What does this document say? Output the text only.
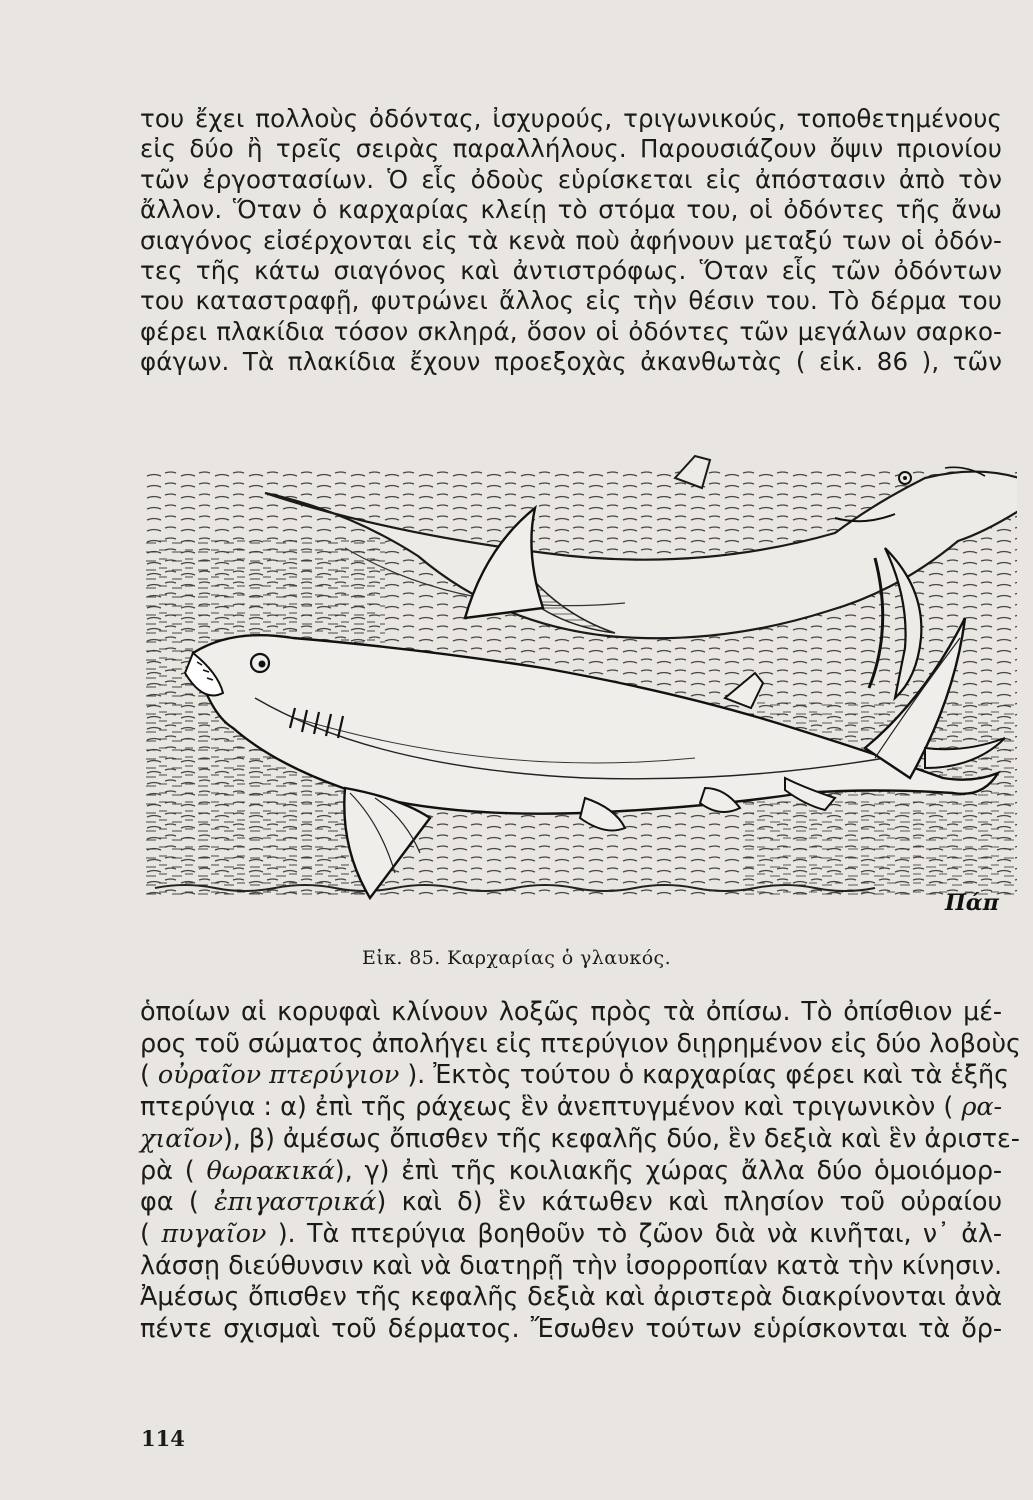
του ἔχει πολλοὺς ὀδόντας, ἰσχυρούς, τριγωνικούς, τοποθετημένους
εἰς δύο ἢ τρεῖς σειρὰς παραλλήλους. Παρουσιάζουν ὄψιν πριονίου
τῶν ἐργοστασίων. Ὁ εἷς ὀδοὺς εὑρίσκεται εἰς ἀπόστασιν ἀπὸ τὸν
ἄλλον. Ὅταν ὁ καρχαρίας κλείῃ τὸ στόμα του, οἱ ὀδόντες τῆς ἄνω
σιαγόνος εἰσέρχονται εἰς τὰ κενὰ ποὺ ἀφήνουν μεταξύ των οἱ ὀδόν-
τες τῆς κάτω σιαγόνος καὶ ἀντιστρόφως. Ὅταν εἷς τῶν ὀδόντων
του καταστραφῇ, φυτρώνει ἄλλος εἰς τὴν θέσιν του. Τὸ δέρμα του
φέρει πλακίδια τόσον σκληρά, ὅσον οἱ ὀδόντες τῶν μεγάλων σαρκο-
φάγων. Τὰ πλακίδια ἔχουν προεξοχὰς ἀκανθωτὰς ( εἰκ. 86 ), τῶν

Πάπ
Εἰκ. 85. Καρχαρίας ὁ γλαυκός.

ὁποίων αἱ κορυφαὶ κλίνουν λοξῶς πρὸς τὰ ὀπίσω. Τὸ ὀπίσθιον μέ-
ρος τοῦ σώματος ἀπολήγει εἰς πτερύγιον διῃρημένον εἰς δύο λοβοὺς
( οὐραῖον πτερύγιον ). Ἐκτὸς τούτου ὁ καρχαρίας φέρει καὶ τὰ ἑξῆς
πτερύγια : α) ἐπὶ τῆς ράχεως ἓν ἀνεπτυγμένον καὶ τριγωνικὸν ( ρα-
χιαῖον), β) ἀμέσως ὄπισθεν τῆς κεφαλῆς δύο, ἓν δεξιὰ καὶ ἓν ἀριστε-
ρὰ ( θωρακικά), γ) ἐπὶ τῆς κοιλιακῆς χώρας ἄλλα δύο ὁμοιόμορ-
φα ( ἐπιγαστρικά) καὶ δ) ἓν κάτωθεν καὶ πλησίον τοῦ οὐραίου
( πυγαῖον ). Τὰ πτερύγια βοηθοῦν τὸ ζῶον διὰ νὰ κινῆται, ν᾽ ἀλ-
λάσσῃ διεύθυνσιν καὶ νὰ διατηρῇ τὴν ἰσορροπίαν κατὰ τὴν κίνησιν.
Ἀμέσως ὄπισθεν τῆς κεφαλῆς δεξιὰ καὶ ἀριστερὰ διακρίνονται ἀνὰ
πέντε σχισμαὶ τοῦ δέρματος. Ἔσωθεν τούτων εὑρίσκονται τὰ ὄρ-

114
